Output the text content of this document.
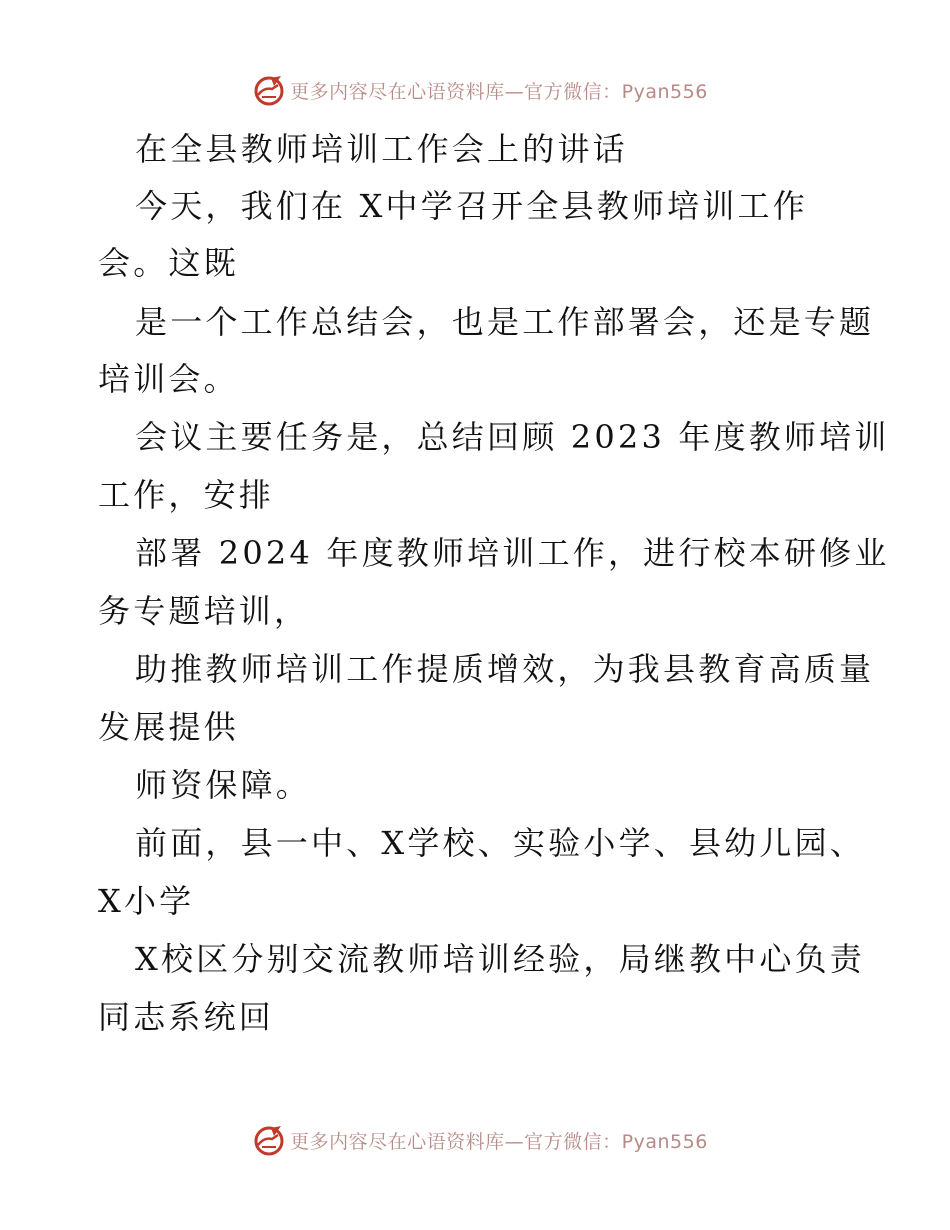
更多内容尽在心语资料库—官方微信：Pyan556
在全县教师培训工作会上的讲话
今天，我们在 X中学召开全县教师培训工作
会。这既
是一个工作总结会，也是工作部署会，还是专题
培训会。
会议主要任务是，总结回顾 2023 年度教师培训
工作，安排
部署 2024 年度教师培训工作，进行校本研修业
务专题培训，
助推教师培训工作提质增效，为我县教育高质量
发展提供
师资保障。
前面，县一中、X学校、实验小学、县幼儿园、
X小学
X校区分别交流教师培训经验，局继教中心负责
同志系统回
更多内容尽在心语资料库—官方微信：Pyan556
